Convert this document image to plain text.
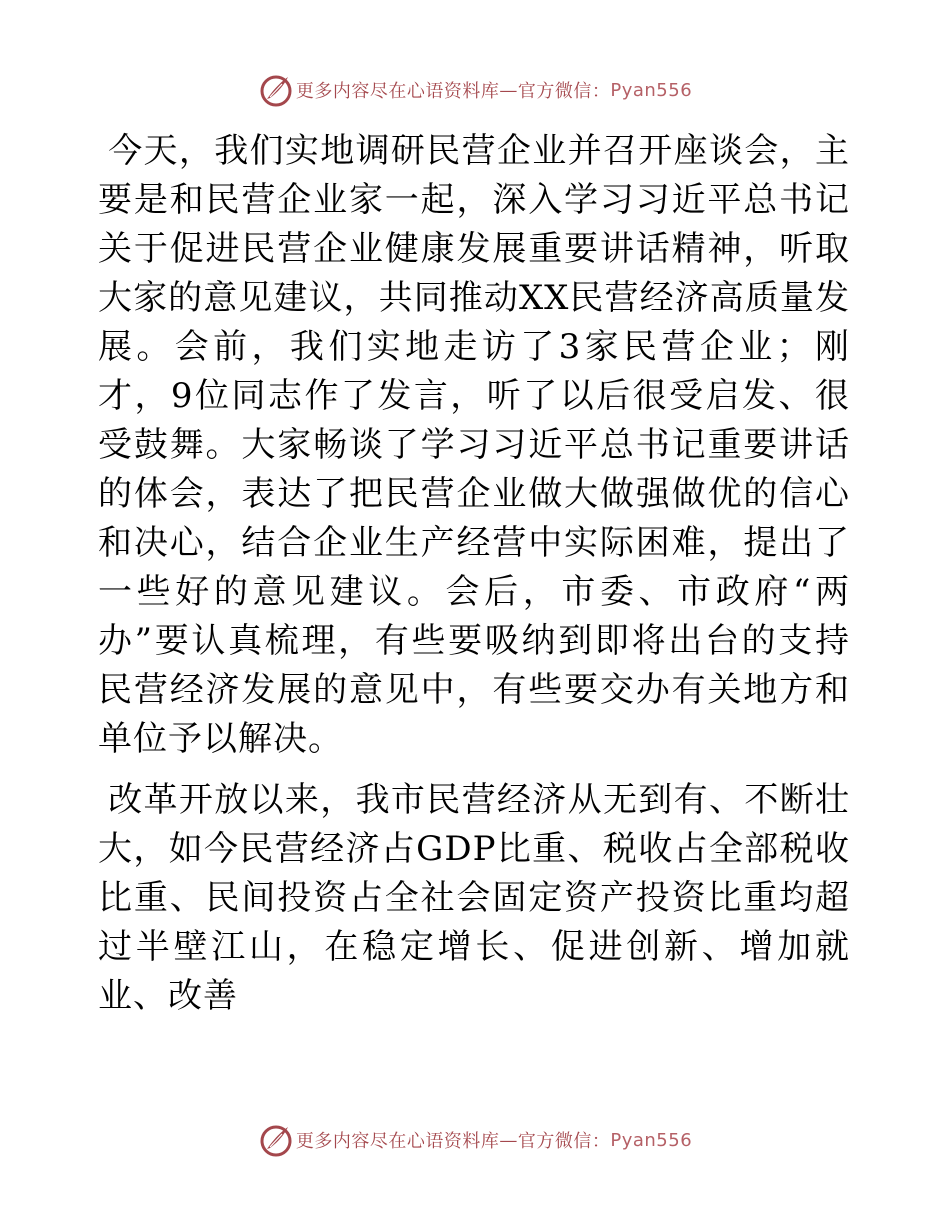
更多内容尽在心语资料库 — 官方微信： Pyan556

今天，我们实地调研民营企业并召开座谈会，主要是和民营企业家一起，深入学习习近平总书记关于促进民营企业健康发展重要讲话精神，听取大家的意见建议，共同推动XX民营经济高质量发展。会前，我们实地走访了3家民营企业；刚才，9位同志作了发言，听了以后很受启发、很受鼓舞。大家畅谈了学习习近平总书记重要讲话的体会，表达了把民营企业做大做强做优的信心和决心，结合企业生产经营中实际困难，提出了一些好的意见建议。会后，市委、市政府“两办”要认真梳理，有些要吸纳到即将出台的支持民营经济发展的意见中，有些要交办有关地方和单位予以解决。

改革开放以来，我市民营经济从无到有、不断壮大，如今民营经济占GDP比重、税收占全部税收比重、民间投资占全社会固定资产投资比重均超过半壁江山，在稳定增长、促进创新、增加就业、改善

更多内容尽在心语资料库 — 官方微信： Pyan556
